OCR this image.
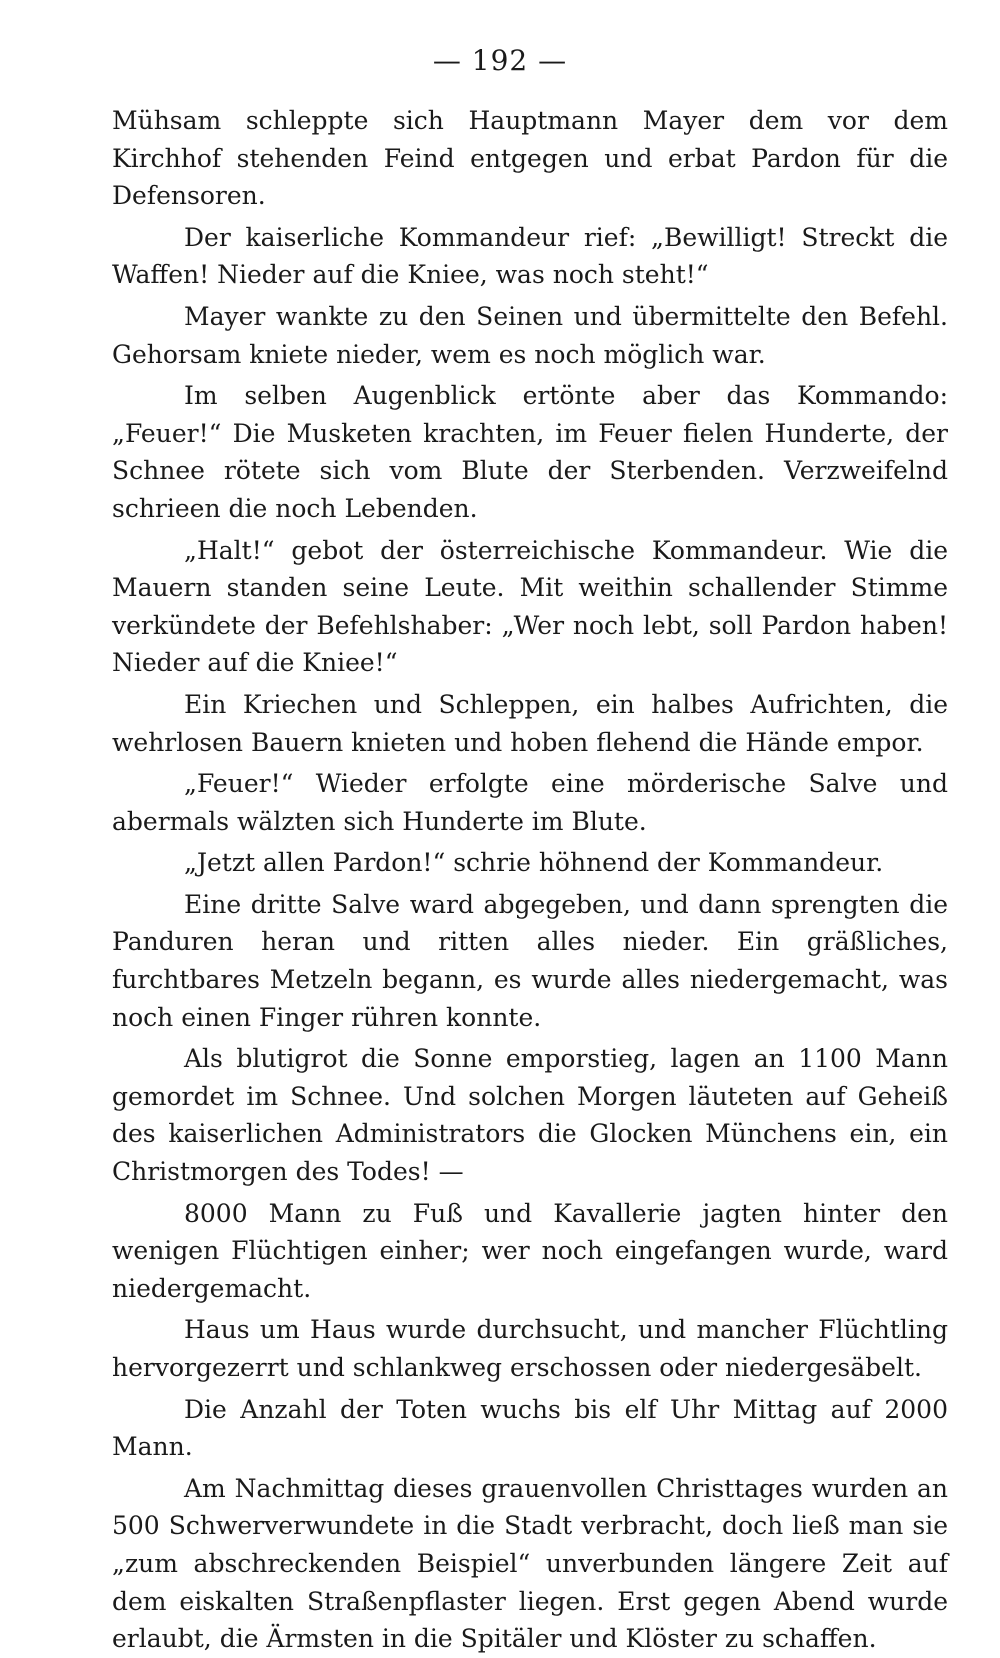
— 192 —

Mühsam schleppte sich Hauptmann Mayer dem vor dem Kirchhof stehenden Feind entgegen und erbat Pardon für die Defensoren.

Der kaiserliche Kommandeur rief: „Bewilligt! Streckt die Waffen! Nieder auf die Kniee, was noch steht!“

Mayer wankte zu den Seinen und übermittelte den Befehl. Gehorsam kniete nieder, wem es noch möglich war.

Im selben Augenblick ertönte aber das Kommando: „Feuer!“ Die Musketen krachten, im Feuer fielen Hunderte, der Schnee rötete sich vom Blute der Sterbenden. Verzweifelnd schrieen die noch Lebenden.

„Halt!“ gebot der österreichische Kommandeur. Wie die Mauern standen seine Leute. Mit weithin schallender Stimme verkündete der Befehlshaber: „Wer noch lebt, soll Pardon haben! Nieder auf die Kniee!“

Ein Kriechen und Schleppen, ein halbes Aufrichten, die wehrlosen Bauern knieten und hoben flehend die Hände empor.

„Feuer!“ Wieder erfolgte eine mörderische Salve und abermals wälzten sich Hunderte im Blute.

„Jetzt allen Pardon!“ schrie höhnend der Kommandeur.

Eine dritte Salve ward abgegeben, und dann sprengten die Panduren heran und ritten alles nieder. Ein gräßliches, furchtbares Metzeln begann, es wurde alles niedergemacht, was noch einen Finger rühren konnte.

Als blutigrot die Sonne emporstieg, lagen an 1100 Mann gemordet im Schnee. Und solchen Morgen läuteten auf Geheiß des kaiserlichen Administrators die Glocken Münchens ein, ein Christmorgen des Todes! —

8000 Mann zu Fuß und Kavallerie jagten hinter den wenigen Flüchtigen einher; wer noch eingefangen wurde, ward niedergemacht.

Haus um Haus wurde durchsucht, und mancher Flüchtling hervorgezerrt und schlankweg erschossen oder niedergesäbelt.

Die Anzahl der Toten wuchs bis elf Uhr Mittag auf 2000 Mann.

Am Nachmittag dieses grauenvollen Christtages wurden an 500 Schwerverwundete in die Stadt verbracht, doch ließ man sie „zum abschreckenden Beispiel“ unverbunden längere Zeit auf dem eiskalten Straßenpflaster liegen. Erst gegen Abend wurde erlaubt, die Ärmsten in die Spitäler und Klöster zu schaffen.
